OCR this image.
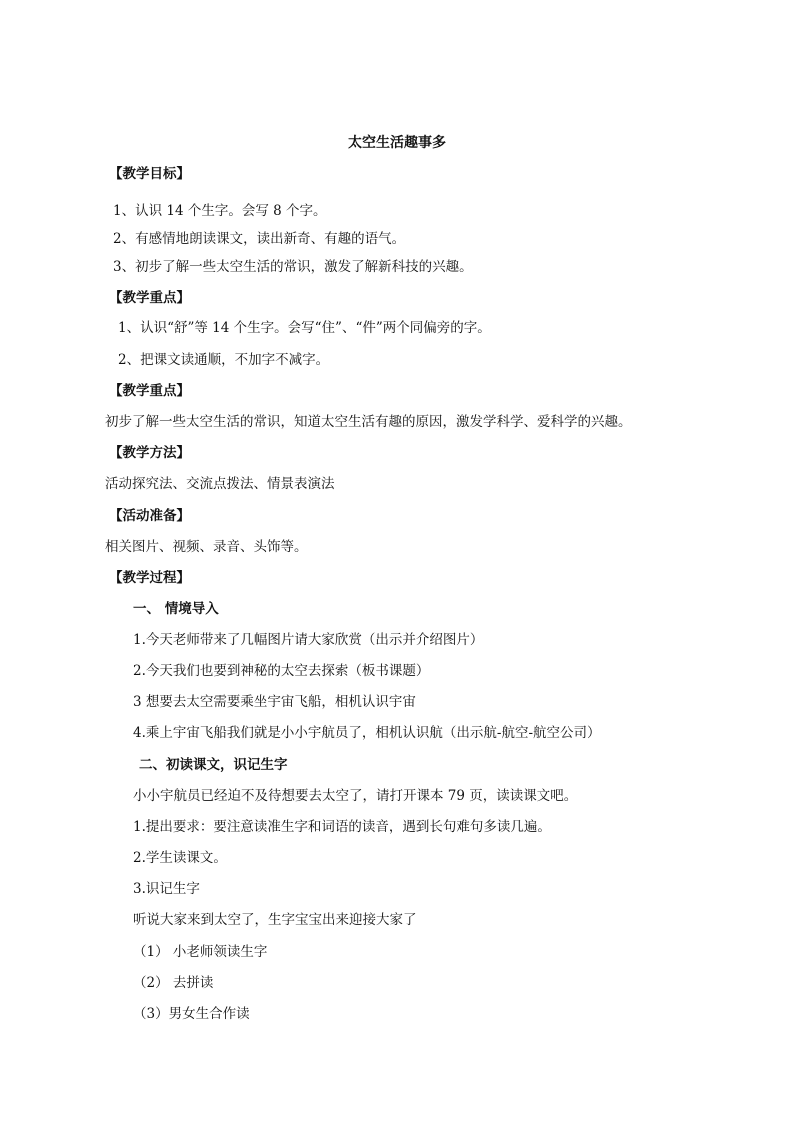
太空生活趣事多
【教学目标】
1、认识 14 个生字。会写 8 个字。
2、有感情地朗读课文，读出新奇、有趣的语气。
3、初步了解一些太空生活的常识，激发了解新科技的兴趣。
【教学重点】
1、认识“舒”等 14 个生字。会写“住”、“件”两个同偏旁的字。
2、把课文读通顺，不加字不减字。
【教学重点】
初步了解一些太空生活的常识，知道太空生活有趣的原因，激发学科学、爱科学的兴趣。
【教学方法】
活动探究法、交流点拨法、情景表演法
【活动准备】
相关图片、视频、录音、头饰等。
【教学过程】
一、 情境导入
1.今天老师带来了几幅图片请大家欣赏（出示并介绍图片）
2.今天我们也要到神秘的太空去探索（板书课题）
3 想要去太空需要乘坐宇宙飞船，相机认识宇宙
4.乘上宇宙飞船我们就是小小宇航员了，相机认识航（出示航-航空-航空公司）
二、初读课文，识记生字
小小宇航员已经迫不及待想要去太空了，请打开课本 79 页，读读课文吧。
1.提出要求：要注意读准生字和词语的读音，遇到长句难句多读几遍。
2.学生读课文。
3.识记生字
听说大家来到太空了，生字宝宝出来迎接大家了
（1） 小老师领读生字
（2） 去拼读
（3）男女生合作读
